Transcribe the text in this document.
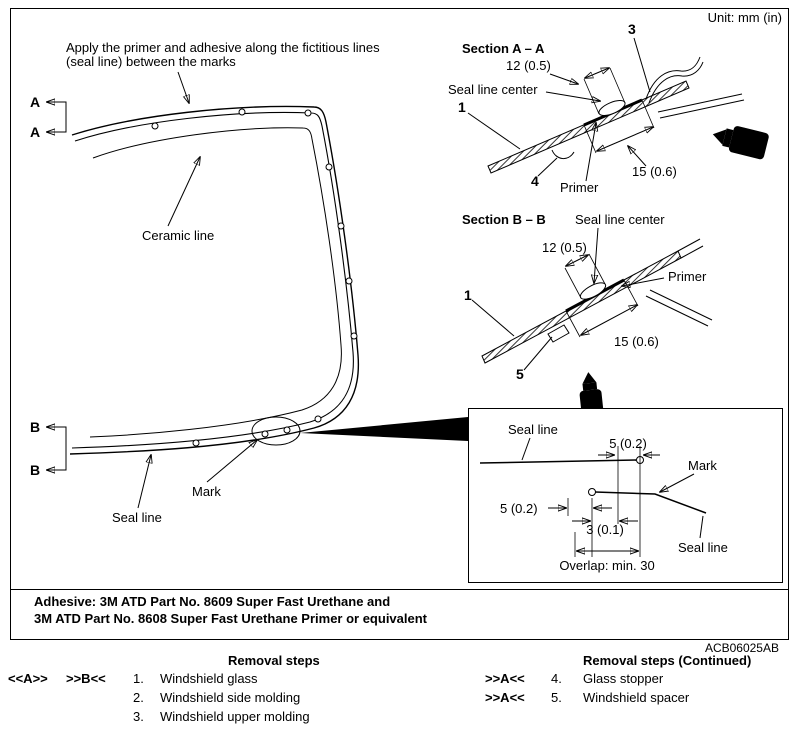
Unit: mm (in)
Apply the primer and adhesive along the fictitious lines
(seal line) between the marks
A
A
B
B
Ceramic line
Mark
Seal line
Section A – A
12 (0.5)
3
Seal line center
1
4 Primer
15 (0.6)
Section B – B Seal line center
12 (0.5)
Primer
1
15 (0.6)
5
Seal line
5 (0.2)
Mark
5 (0.2)
3 (0.1)
Seal line
Overlap: min. 30
Adhesive: 3M ATD Part No. 8609 Super Fast Urethane and
3M ATD Part No. 8608 Super Fast Urethane Primer or equivalent
ACB06025AB
Removal steps
<<A>> >>B<< 1. Windshield glass
2. Windshield side molding
3. Windshield upper molding
Removal steps (Continued)
>>A<< 4. Glass stopper
>>A<< 5. Windshield spacer
